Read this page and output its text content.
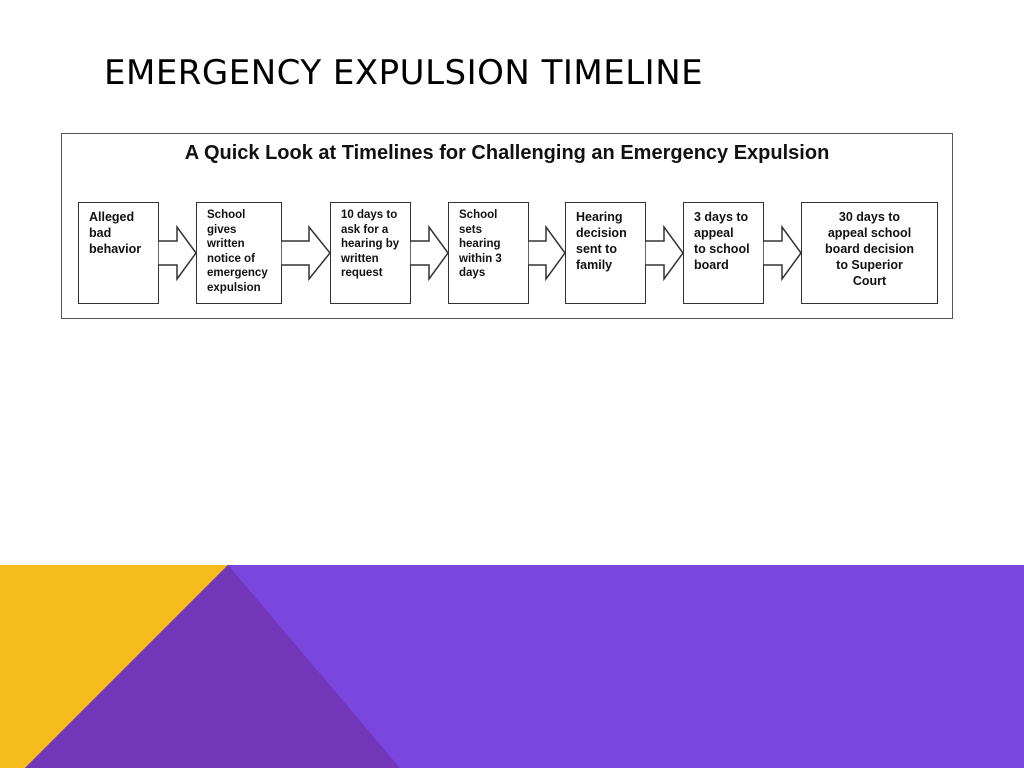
EMERGENCY EXPULSION TIMELINE
A Quick Look at Timelines for Challenging an Emergency Expulsion
Alleged
bad
behavior
School
gives
written
notice of
emergency
expulsion
10 days to
ask for a
hearing by
written
request
School
sets
hearing
within 3
days
Hearing
decision
sent to
family
3 days to
appeal
to school
board
30 days to
appeal school
board decision
to Superior
Court
